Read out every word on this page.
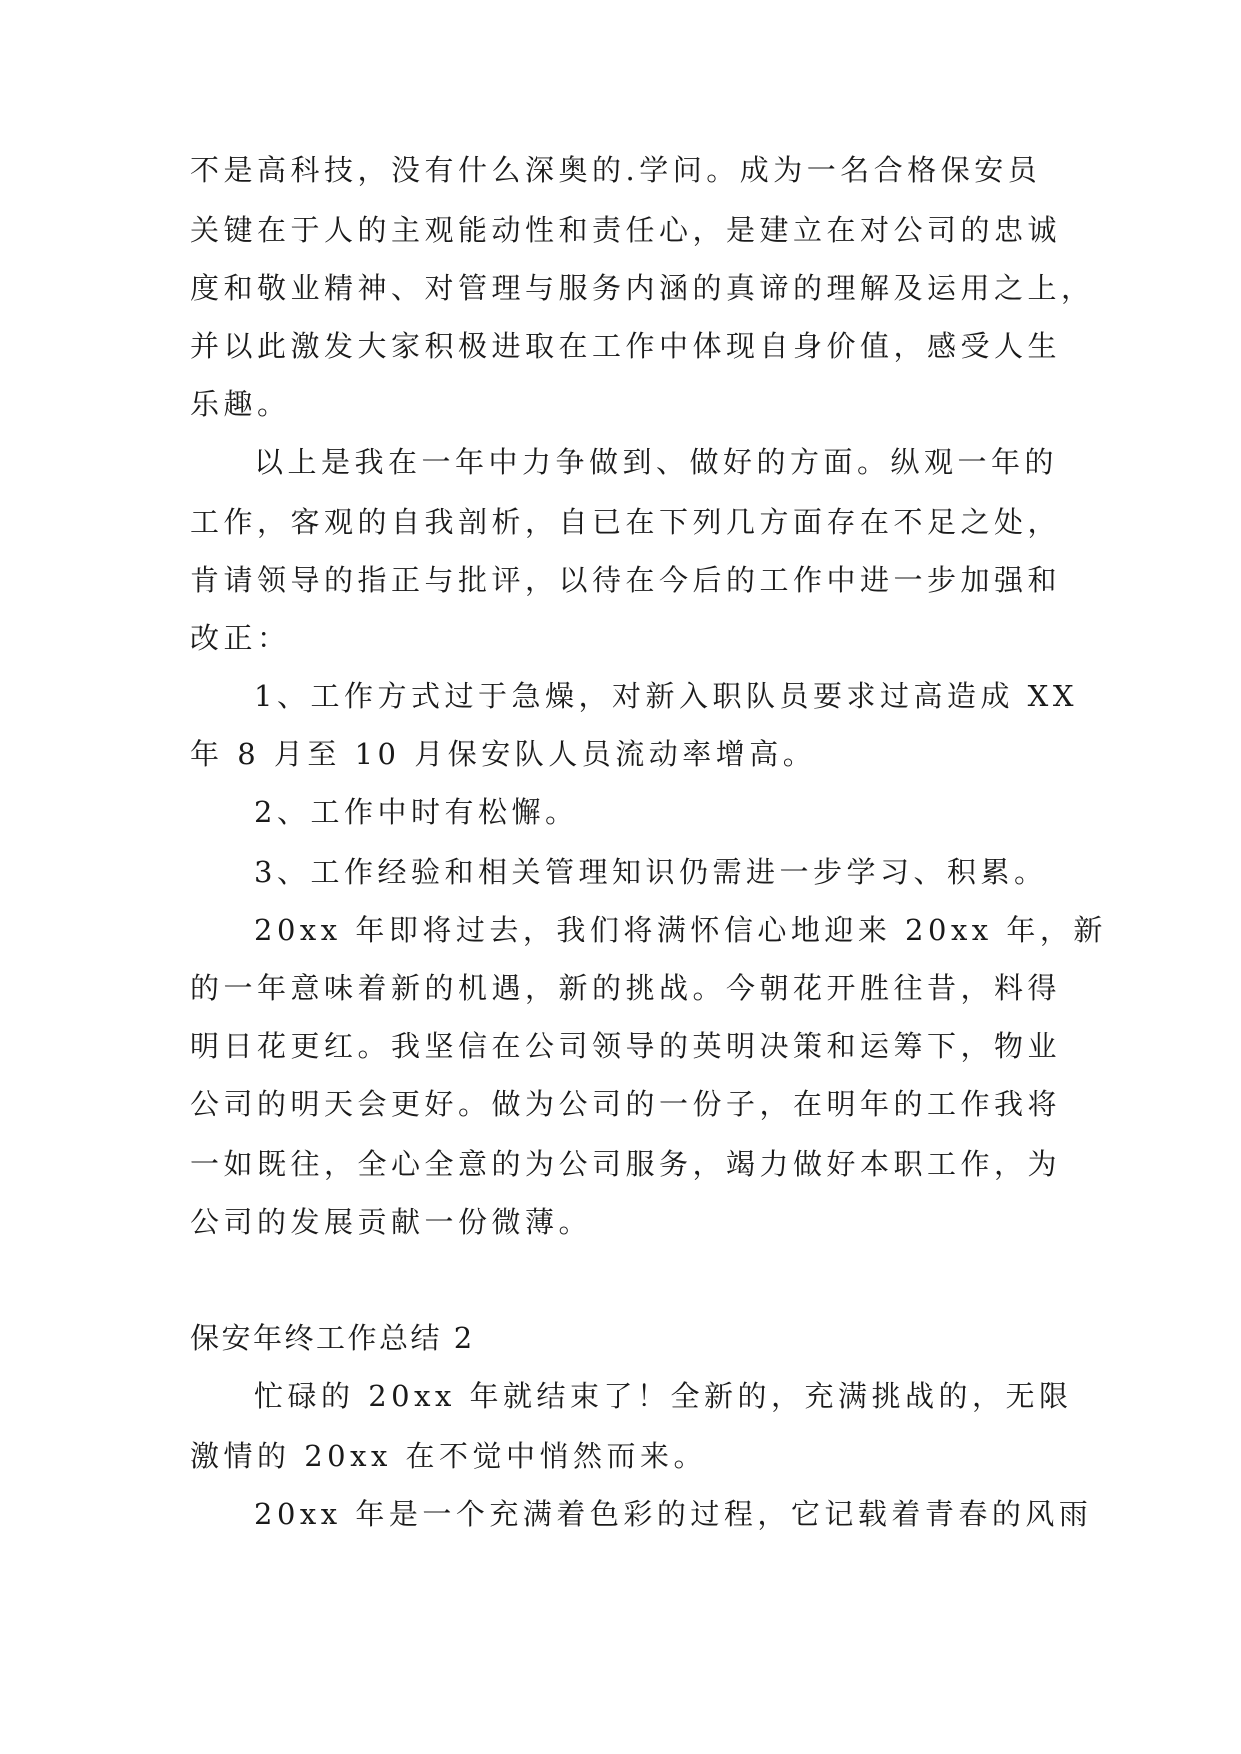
不是高科技，没有什么深奥的.学问。成为一名合格保安员
关键在于人的主观能动性和责任心，是建立在对公司的忠诚
度和敬业精神、对管理与服务内涵的真谛的理解及运用之上，
并以此激发大家积极进取在工作中体现自身价值，感受人生
乐趣。
以上是我在一年中力争做到、做好的方面。纵观一年的
工作，客观的自我剖析，自已在下列几方面存在不足之处，
肯请领导的指正与批评，以待在今后的工作中进一步加强和
改正：
1、工作方式过于急燥，对新入职队员要求过高造成 XX
年 8 月至 10 月保安队人员流动率增高。
2、工作中时有松懈。
3、工作经验和相关管理知识仍需进一步学习、积累。
20xx 年即将过去，我们将满怀信心地迎来 20xx 年，新
的一年意味着新的机遇，新的挑战。今朝花开胜往昔，料得
明日花更红。我坚信在公司领导的英明决策和运筹下，物业
公司的明天会更好。做为公司的一份子，在明年的工作我将
一如既往，全心全意的为公司服务，竭力做好本职工作，为
公司的发展贡献一份微薄。
保安年终工作总结 2
忙碌的 20xx 年就结束了！全新的，充满挑战的，无限
激情的 20xx 在不觉中悄然而来。
20xx 年是一个充满着色彩的过程，它记载着青春的风雨
